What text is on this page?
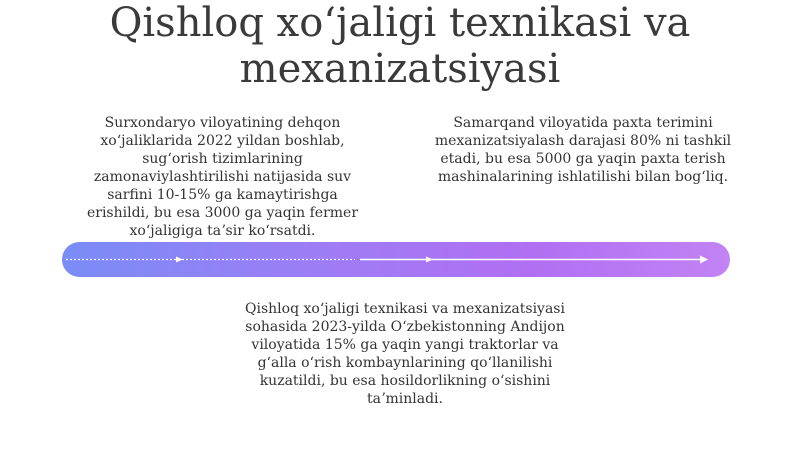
Qishloq xoʻjaligi texnikasi va mexanizatsiyasi

Surxondaryo viloyatining dehqon xoʻjaliklarida 2022 yildan boshlab, sugʻorish tizimlarining zamonaviylashtirilishi natijasida suv sarfini 10-15% ga kamaytirishga erishildi, bu esa 3000 ga yaqin fermer xoʻjaligiga taʼsir koʻrsatdi.

Samarqand viloyatida paxta terimini mexanizatsiyalash darajasi 80% ni tashkil etadi, bu esa 5000 ga yaqin paxta terish mashinalarining ishlatilishi bilan bogʻliq.

Qishloq xoʻjaligi texnikasi va mexanizatsiyasi sohasida 2023-yilda Oʻzbekistonning Andijon viloyatida 15% ga yaqin yangi traktorlar va gʻalla oʻrish kombaynlarining qoʻllanilishi kuzatildi, bu esa hosildorlikning oʻsishini taʼminladi.
